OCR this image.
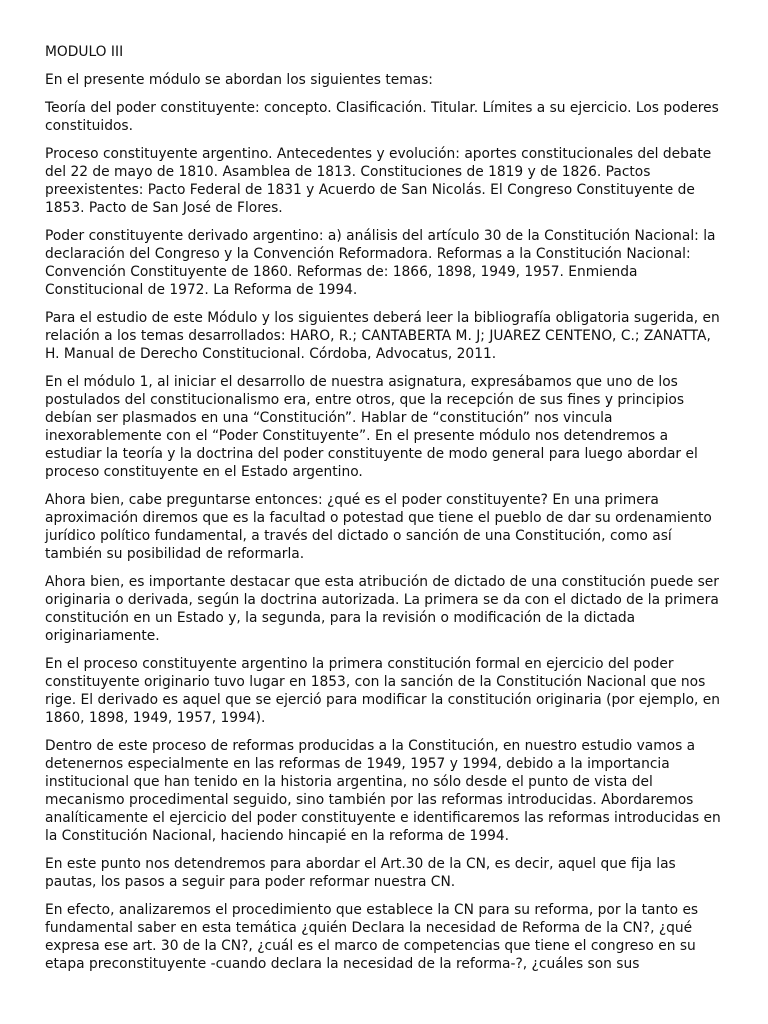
MODULO III

En el presente módulo se abordan los siguientes temas:

Teoría del poder constituyente: concepto. Clasificación. Titular. Límites a su ejercicio. Los poderes constituidos.

Proceso constituyente argentino. Antecedentes y evolución: aportes constitucionales del debate del 22 de mayo de 1810. Asamblea de 1813. Constituciones de 1819 y de 1826. Pactos preexistentes: Pacto Federal de 1831 y Acuerdo de San Nicolás. El Congreso Constituyente de 1853. Pacto de San José de Flores.

Poder constituyente derivado argentino: a) análisis del artículo 30 de la Constitución Nacional: la declaración del Congreso y la Convención Reformadora. Reformas a la Constitución Nacional: Convención Constituyente de 1860. Reformas de: 1866, 1898, 1949, 1957. Enmienda Constitucional de 1972. La Reforma de 1994.

Para el estudio de este Módulo y los siguientes deberá leer la bibliografía obligatoria sugerida, en relación a los temas desarrollados: HARO, R.; CANTABERTA M. J; JUAREZ CENTENO, C.; ZANATTA, H. Manual de Derecho Constitucional. Córdoba, Advocatus, 2011.

En el módulo 1, al iniciar el desarrollo de nuestra asignatura, expresábamos que uno de los postulados del constitucionalismo era, entre otros, que la recepción de sus fines y principios debían ser plasmados en una “Constitución”. Hablar de “constitución” nos vincula inexorablemente con el “Poder Constituyente”. En el presente módulo nos detendremos a estudiar la teoría y la doctrina del poder constituyente de modo general para luego abordar el proceso constituyente en el Estado argentino.

Ahora bien, cabe preguntarse entonces: ¿qué es el poder constituyente? En una primera aproximación diremos que es la facultad o potestad que tiene el pueblo de dar su ordenamiento jurídico político fundamental, a través del dictado o sanción de una Constitución, como así también su posibilidad de reformarla.

Ahora bien, es importante destacar que esta atribución de dictado de una constitución puede ser originaria o derivada, según la doctrina autorizada. La primera se da con el dictado de la primera constitución en un Estado y, la segunda, para la revisión o modificación de la dictada originariamente.

En el proceso constituyente argentino la primera constitución formal en ejercicio del poder constituyente originario tuvo lugar en 1853, con la sanción de la Constitución Nacional que nos rige. El derivado es aquel que se ejerció para modificar la constitución originaria (por ejemplo, en 1860, 1898, 1949, 1957, 1994).

Dentro de este proceso de reformas producidas a la Constitución, en nuestro estudio vamos a detenernos especialmente en las reformas de 1949, 1957 y 1994, debido a la importancia institucional que han tenido en la historia argentina, no sólo desde el punto de vista del mecanismo procedimental seguido, sino también por las reformas introducidas. Abordaremos analíticamente el ejercicio del poder constituyente e identificaremos las reformas introducidas en la Constitución Nacional, haciendo hincapié en la reforma de 1994.

En este punto nos detendremos para abordar el Art.30 de la CN, es decir, aquel que fija las pautas, los pasos a seguir para poder reformar nuestra CN.

En efecto, analizaremos el procedimiento que establece la CN para su reforma, por la tanto es fundamental saber en esta temática ¿quién Declara la necesidad de Reforma de la CN?, ¿qué expresa ese art. 30 de la CN?, ¿cuál es el marco de competencias que tiene el congreso en su etapa preconstituyente -cuando declara la necesidad de la reforma-?, ¿cuáles son sus
